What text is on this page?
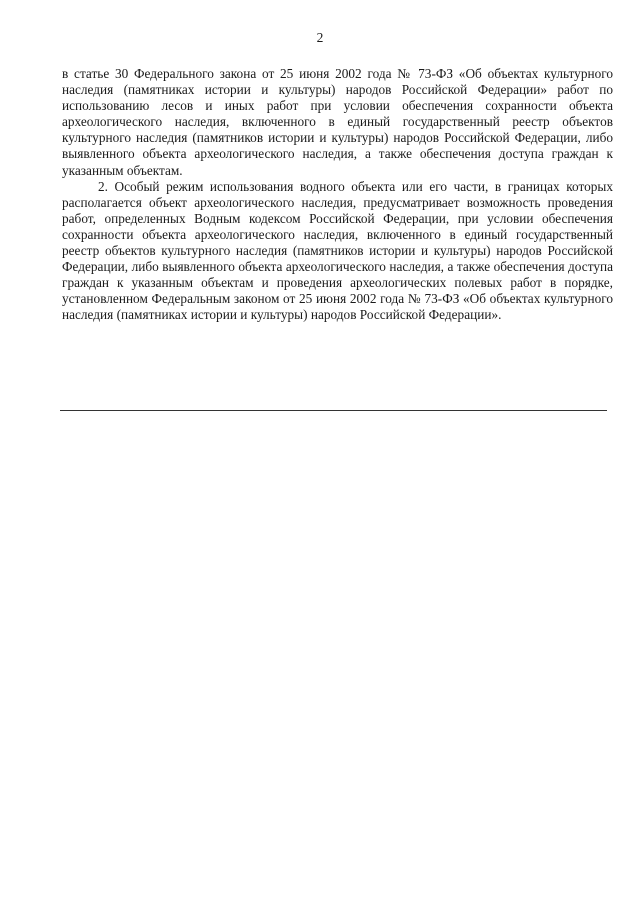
2

в статье 30 Федерального закона от 25 июня 2002 года № 73-ФЗ «Об объектах культурного наследия (памятниках истории и культуры) народов Российской Федерации» работ по использованию лесов и иных работ при условии обеспечения сохранности объекта археологического наследия, включенного в единый государственный реестр объектов культурного наследия (памятников истории и культуры) народов Российской Федерации, либо выявленного объекта археологического наследия, а также обеспечения доступа граждан к указанным объектам.

2. Особый режим использования водного объекта или его части, в границах которых располагается объект археологического наследия, предусматривает возможность проведения работ, определенных Водным кодексом Российской Федерации, при условии обеспечения сохранности объекта археологического наследия, включенного в единый государственный реестр объектов культурного наследия (памятников истории и культуры) народов Российской Федерации, либо выявленного объекта археологического наследия, а также обеспечения доступа граждан к указанным объектам и проведения археологических полевых работ в порядке, установленном Федеральным законом от 25 июня 2002 года № 73-ФЗ «Об объектах культурного наследия (памятниках истории и культуры) народов Российской Федерации».
